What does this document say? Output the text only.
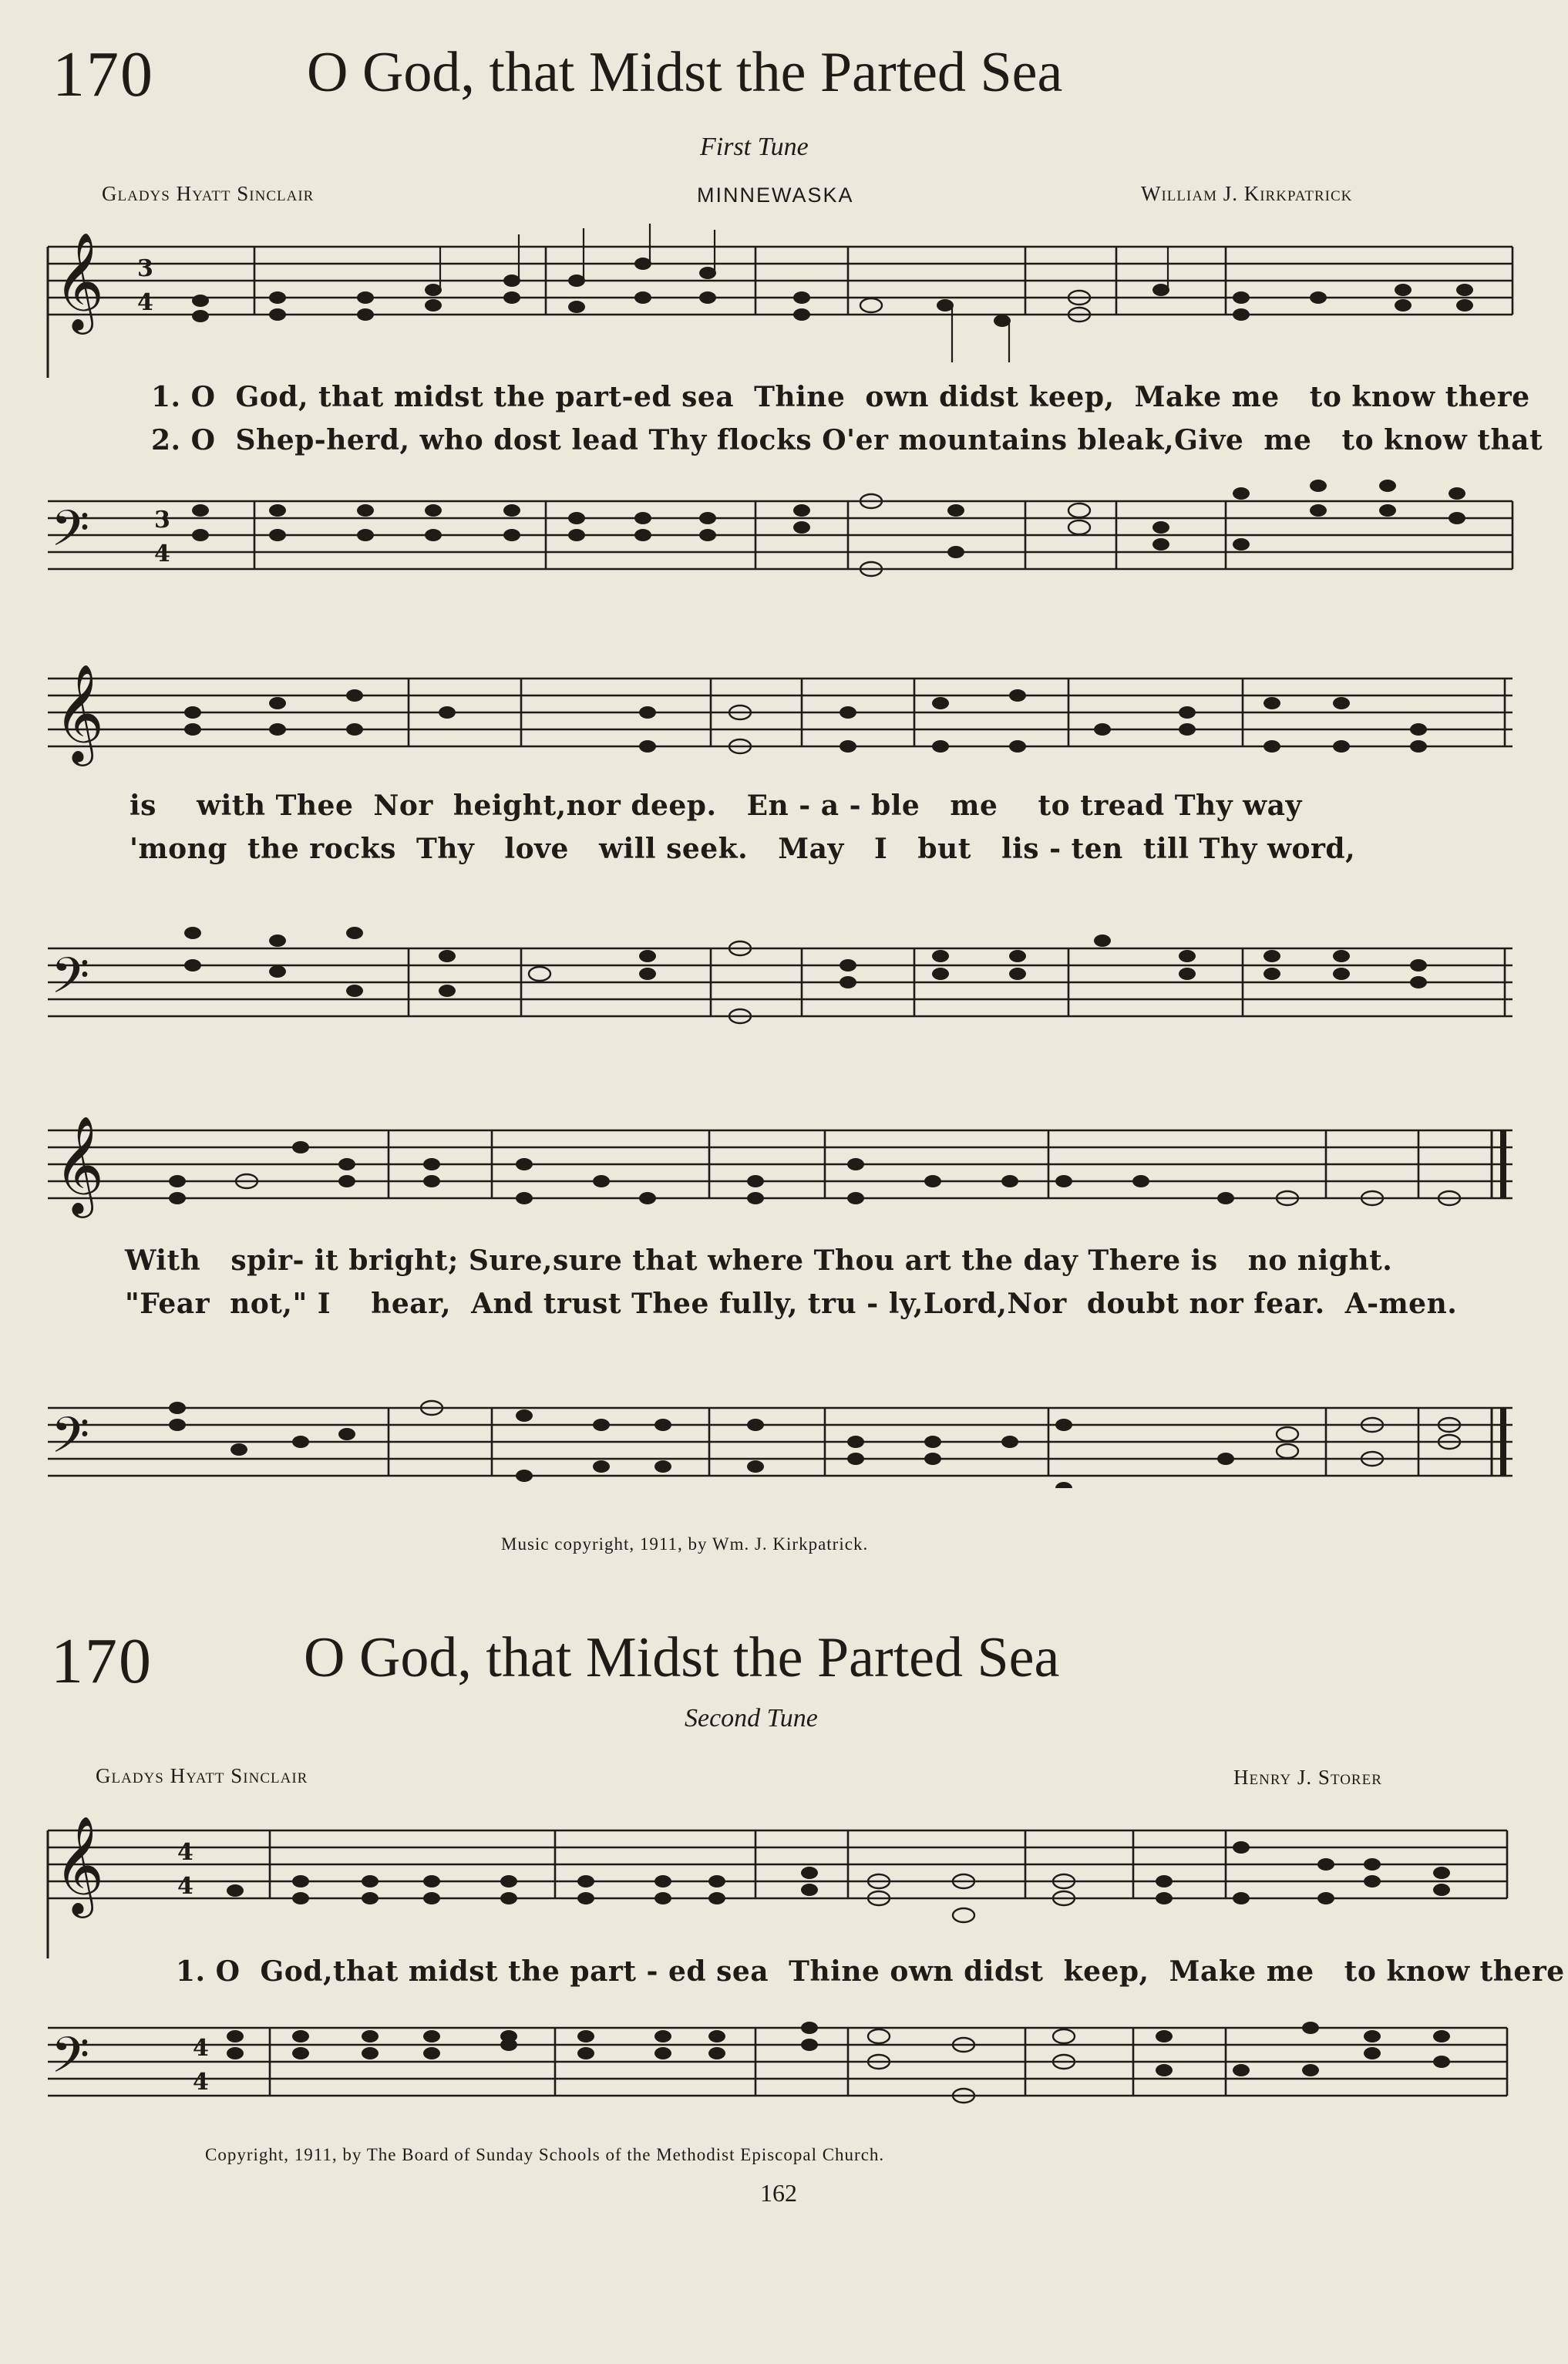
170	O God, that Midst the Parted Sea
First Tune
Gladys Hyatt Sinclair	MINNEWASKA	William J. Kirkpatrick
𝄞 3
4
1. O  God, that midst the part-ed sea  Thine  own didst keep,  Make me   to know there
2. O  Shep-herd, who dost lead Thy flocks O'er mountains bleak,Give  me   to know that
𝄢	3
4
𝄞
is    with Thee  Nor  height,nor deep.   En - a - ble   me    to tread Thy way
'mong  the rocks  Thy   love   will seek.   May   I   but   lis - ten  till Thy word,
𝄢
𝄞
With   spir- it bright; Sure,sure that where Thou art the day There is   no night.
"Fear  not," I    hear,  And trust Thee fully, tru - ly,Lord,Nor  doubt nor fear.  A-men.
𝄢
Music copyright, 1911, by Wm. J. Kirkpatrick.
170	O God, that Midst the Parted Sea
Second Tune
Gladys Hyatt Sinclair	Henry J. Storer
𝄞	4
4
1. O  God,that midst the part - ed sea  Thine own didst  keep,  Make me   to know there
𝄢	4
4
Copyright, 1911, by The Board of Sunday Schools of the Methodist Episcopal Church.
162
